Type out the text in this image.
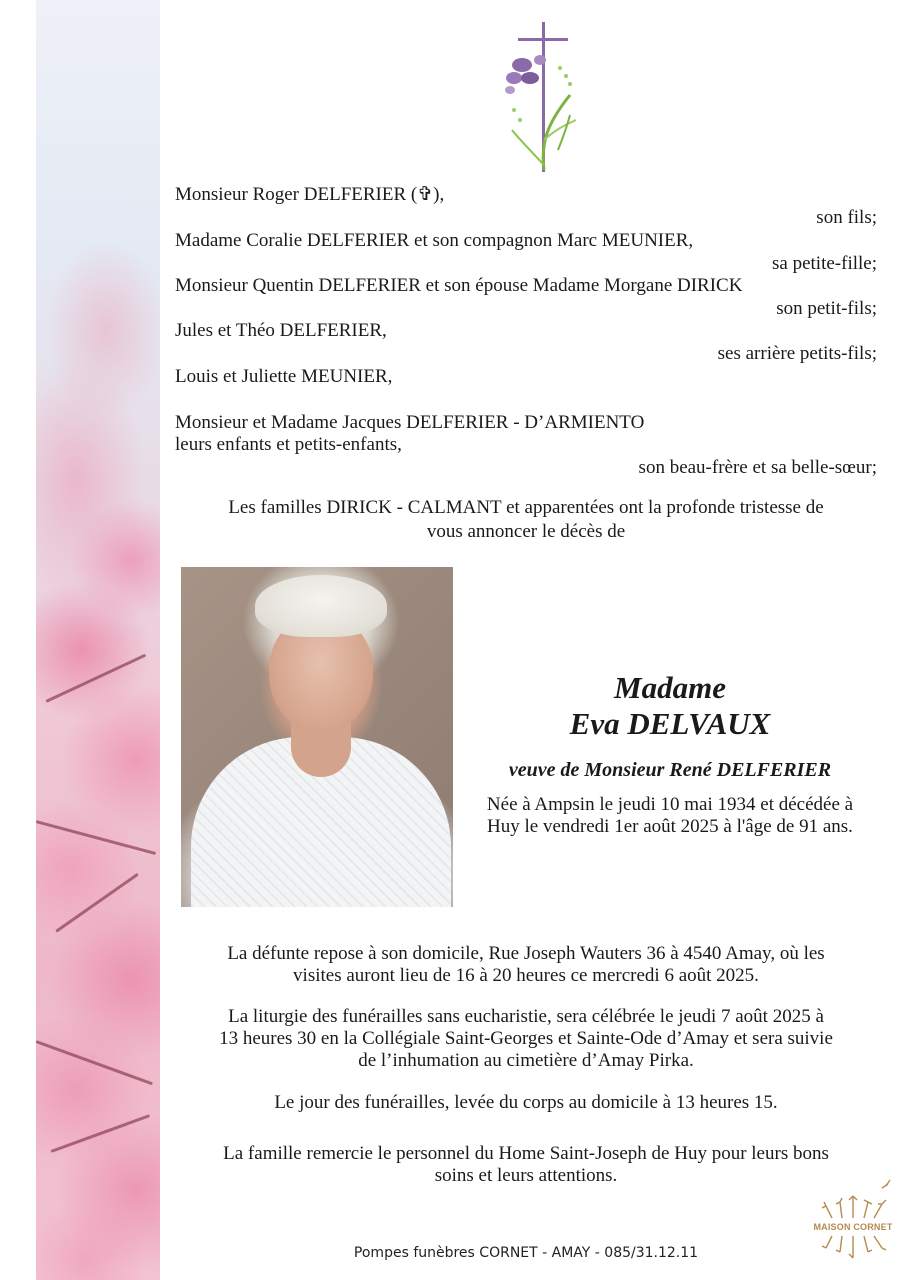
Monsieur Roger DELFERIER (✞),
son fils;
Madame Coralie DELFERIER et son compagnon Marc MEUNIER,
sa petite-fille;
Monsieur Quentin DELFERIER et son épouse Madame Morgane DIRICK
son petit-fils;
Jules et Théo DELFERIER,
ses arrière petits-fils;
Louis et Juliette MEUNIER,
Monsieur et Madame Jacques DELFERIER - D’ARMIENTO
leurs enfants et petits-enfants,
son beau-frère et sa belle-sœur;
Les familles DIRICK - CALMANT et apparentées ont la profonde tristesse de
vous annoncer le décès de
Madame
Eva DELVAUX
veuve de Monsieur René DELFERIER
Née à Ampsin le jeudi 10 mai 1934 et décédée à
Huy le vendredi 1er août 2025 à l'âge de 91 ans.
La défunte repose à son domicile, Rue Joseph Wauters 36 à 4540 Amay, où les
visites auront lieu de 16 à 20 heures ce mercredi 6 août 2025.
La liturgie des funérailles sans eucharistie, sera célébrée le jeudi 7 août 2025 à
13 heures 30 en la Collégiale Saint-Georges et Sainte-Ode d’Amay et sera suivie
de l’inhumation au cimetière d’Amay Pirka.
Le jour des funérailles, levée du corps au domicile à 13 heures 15.
La famille remercie le personnel du Home Saint-Joseph de Huy pour leurs bons
soins et leurs attentions.
Pompes funèbres CORNET - AMAY - 085/31.12.11
MAISON CORNET
